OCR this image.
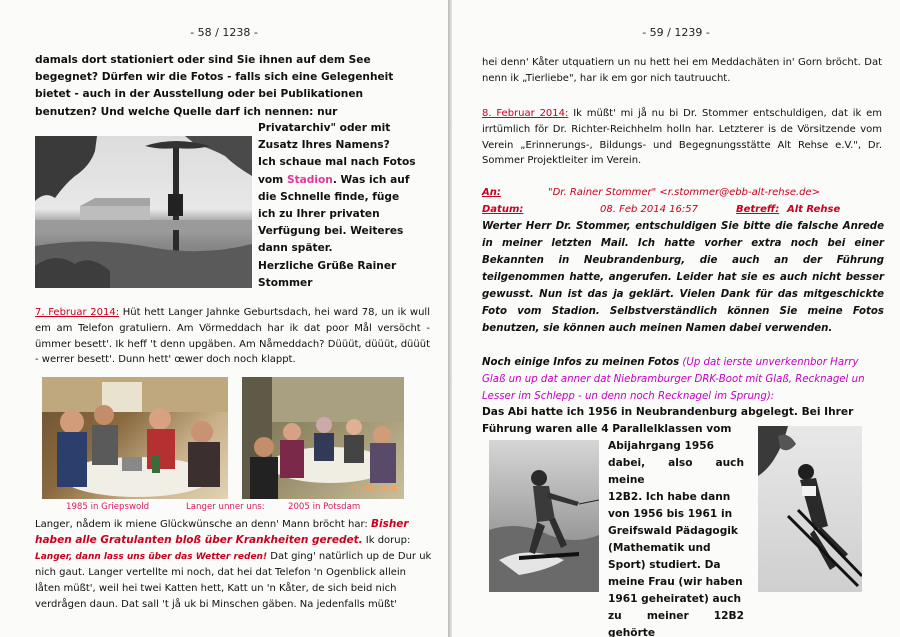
- 58 / 1238 -
damals dort stationiert oder sind Sie ihnen auf dem See
begegnet? Dürfen wir die Fotos - falls sich eine Gelegenheit
bietet - auch in der Ausstellung oder bei Publikationen
benutzen? Und welche Quelle darf ich nennen: nur
Privatarchiv" oder mit
Zusatz Ihres Namens?
Ich schaue mal nach Fotos
vom Stadion. Was ich auf
die Schnelle finde, füge
ich zu Ihrer privaten
Verfügung bei. Weiteres
dann später.
Herzliche Grüße Rainer
Stommer
7. Februar 2014: Hüt hett Langer Jahnke Geburtsdach, hei ward 78, un ik wull em am Telefon gratuliern. Am Vörmeddach har ik dat poor Mål versöcht - ümmer besett'. Ik heff 't denn upgäben. Am Nåmeddach? Düüüt, düüüt, düüüt - werrer besett'. Dunn hett' œwer doch noch klappt.
21/05/2005
1985 in Griepswold	Langer unner uns:	2005 in Potsdam
Langer, nådem ik miene Glückwünsche an denn' Mann bröcht har: Bisher haben alle Gratulanten bloß über Krankheiten geredet. Ik dorup: Langer, dann lass uns über das Wetter reden! Dat ging' natürlich up de Dur uk nich gaut. Langer vertellte mi noch, dat hei dat Telefon 'n Ogenblick allein låten müßt', weil hei twei Katten hett, Katt un 'n Kåter, de sich beid nich verdrågen daun. Dat sall 't jå uk bi Minschen gäben. Na jedenfalls müßt'
- 59 / 1239 -
hei denn' Kåter utquatiern un nu hett hei em Meddachäten in' Gorn bröcht. Dat nenn ik „Tierliebe", har ik em gor nich tautruucht.
8. Februar 2014: Ik müßt' mi jå nu bi Dr. Stommer entschuldigen, dat ik em irrtümlich för Dr. Richter-Reichhelm holln har. Letzterer is de Vörsitzende vom Verein „Erinnerungs-, Bildungs- und Begegnungsstätte Alt Rehse e.V.", Dr. Sommer Projektleiter im Verein.
An:	"Dr. Rainer Stommer" <r.stommer@ebb-alt-rehse.de>
Datum:	08. Feb 2014 16:57	Betreff: Alt Rehse
Werter Herr Dr. Stommer, entschuldigen Sie bitte die falsche Anrede in meiner letzten Mail. Ich hatte vorher extra noch bei einer Bekannten in Neubrandenburg, die auch an der Führung teilgenommen hatte, angerufen. Leider hat sie es auch nicht besser gewusst. Nun ist das ja geklärt. Vielen Dank für das mitgeschickte Foto vom Stadion. Selbstverständlich können Sie meine Fotos benutzen, sie können auch meinen Namen dabei verwenden.
Noch einige Infos zu meinen Fotos (Up dat ierste unverkennbor Harry Glaß un up dat anner dat Niebramburger DRK-Boot mit Glaß, Recknagel un Lesser im Schlepp - un denn noch Recknagel im Sprung):
Das Abi hatte ich 1956 in Neubrandenburg abgelegt. Bei Ihrer
Führung waren alle 4 Parallelklassen vom
Abijahrgang 1956
dabei, also auch meine
12B2. Ich habe dann
von 1956 bis 1961 in
Greifswald Pädagogik
(Mathematik und
Sport) studiert. Da
meine Frau (wir haben
1961 geheiratet) auch
zu meiner 12B2 gehörte
